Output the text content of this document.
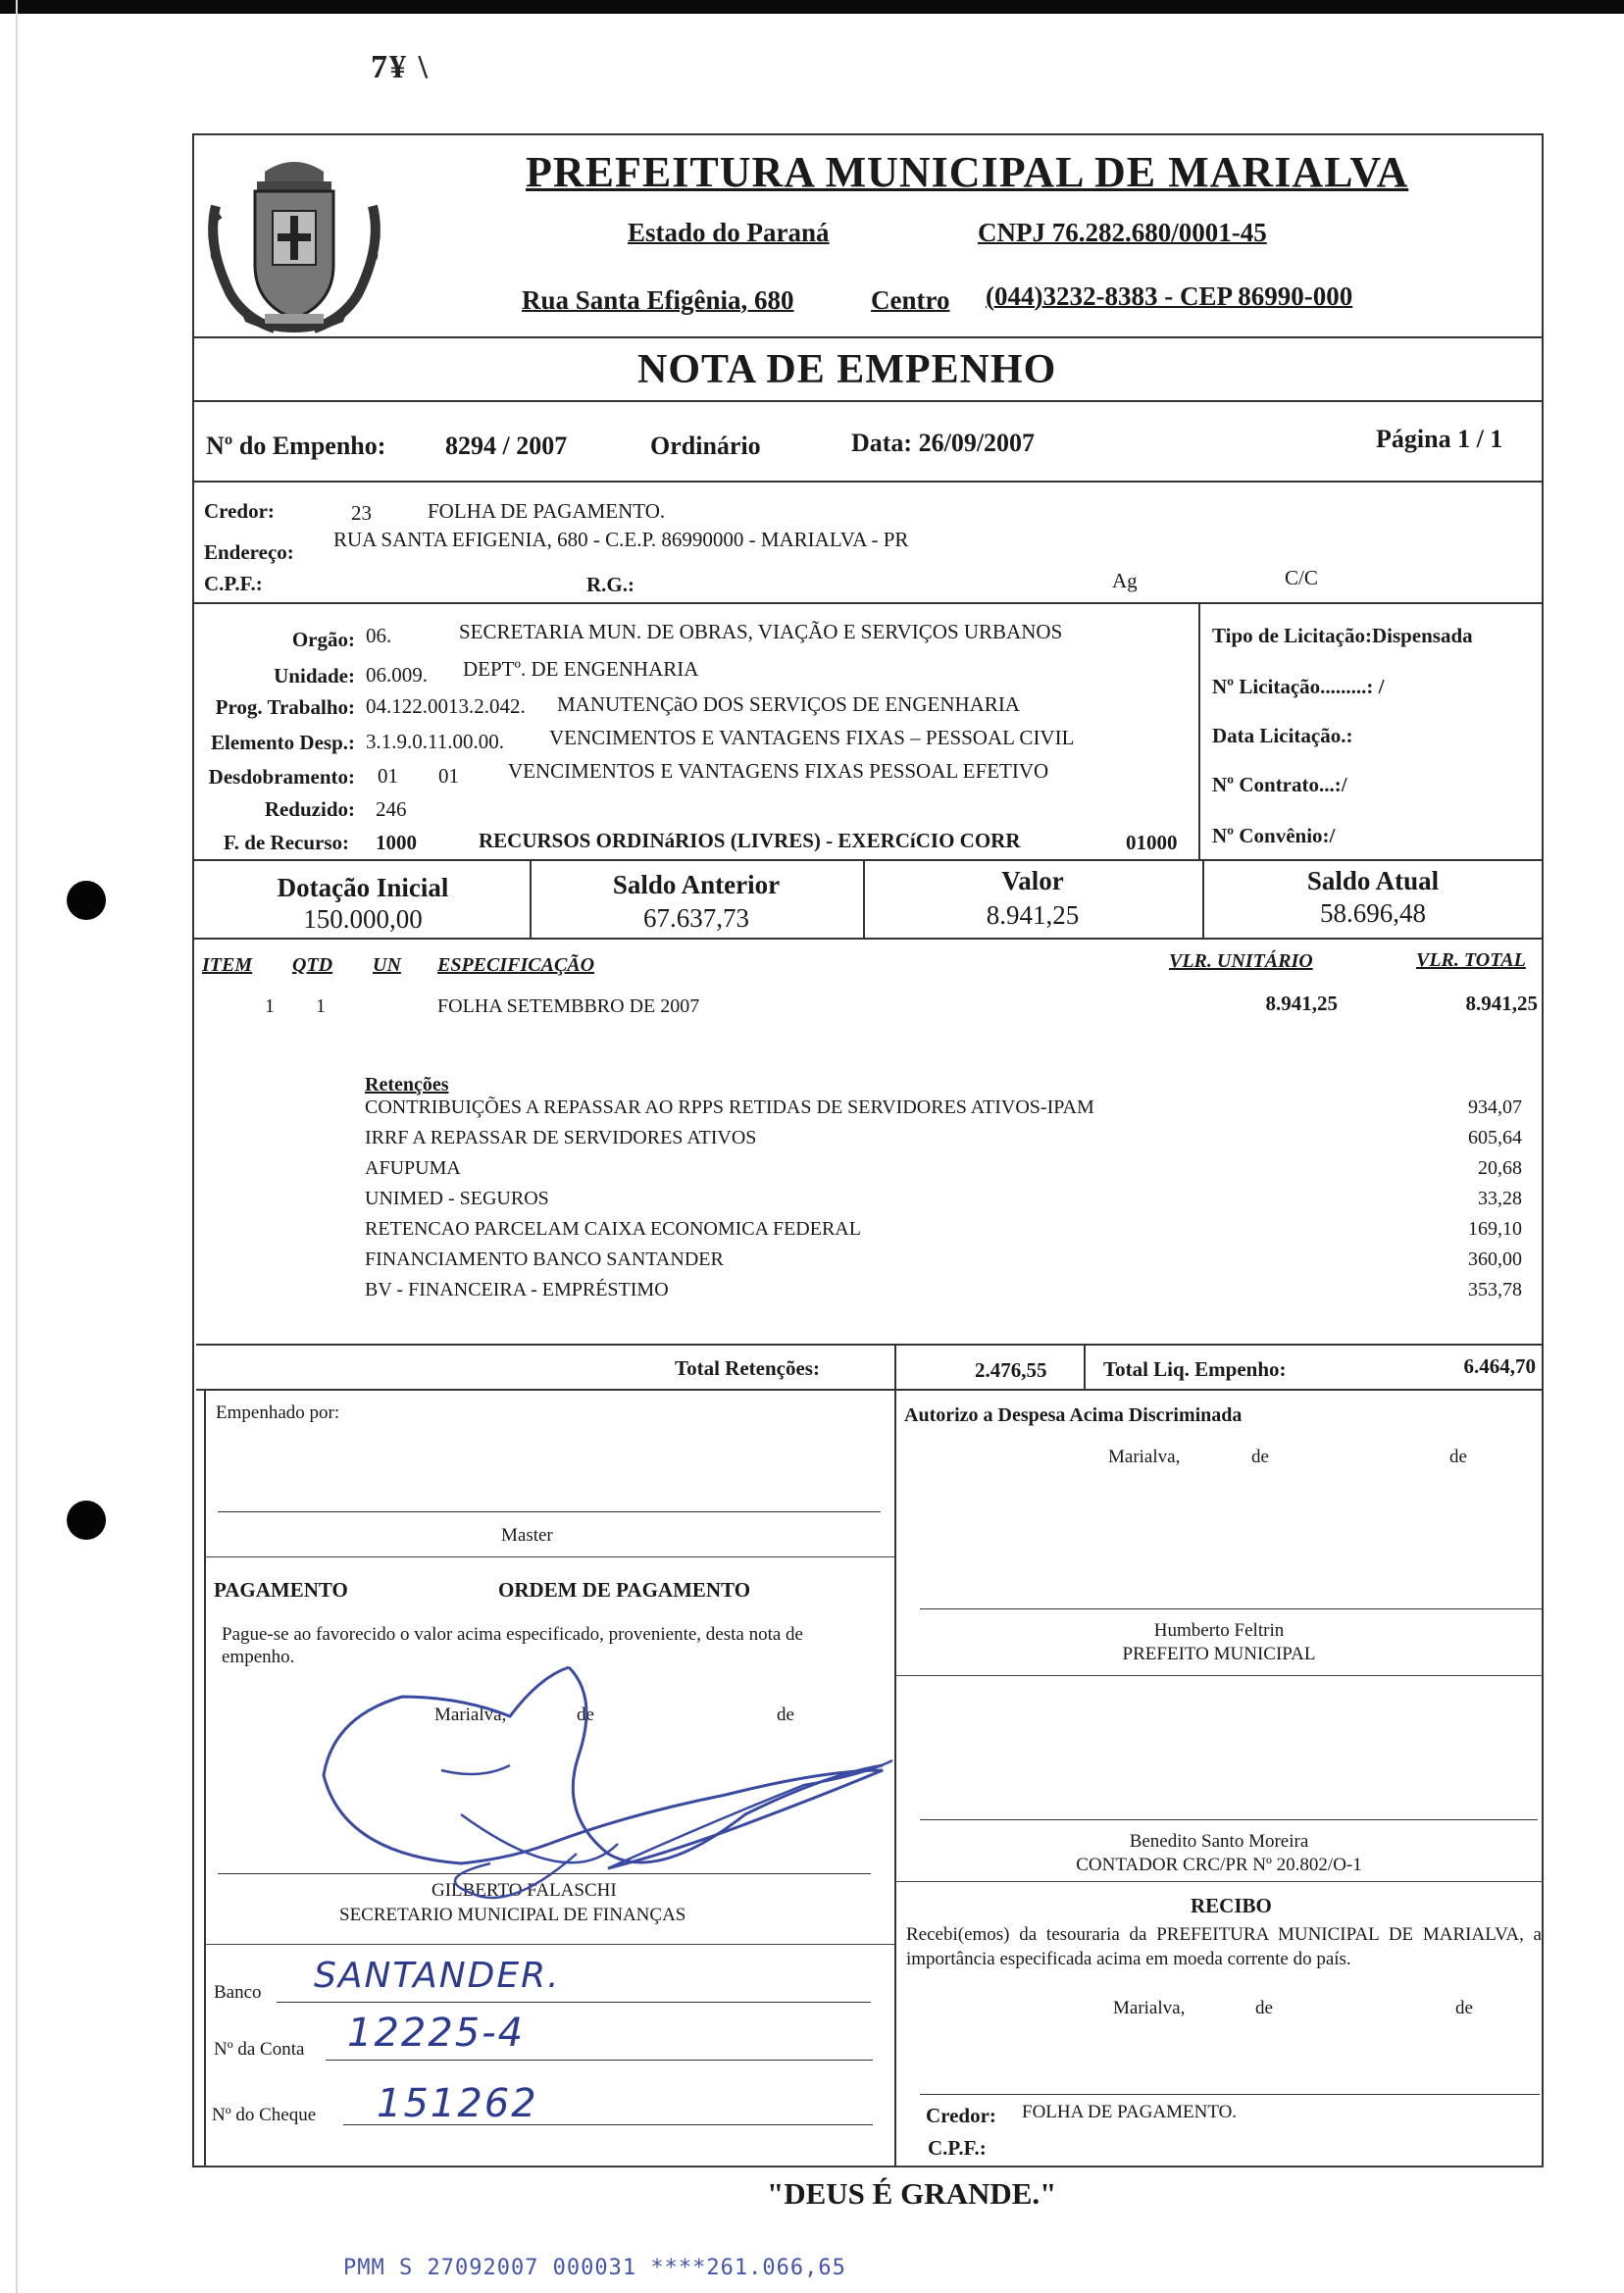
7¥ \
PREFEITURA MUNICIPAL DE MARIALVA
Estado do Paraná	CNPJ 76.282.680/0001-45
Rua Santa Efigênia, 680	Centro (044)3232-8383 - CEP 86990-000
NOTA DE EMPENHO
Nº do Empenho: 8294 / 2007	Ordinário	Data: 26/09/2007	Página 1 / 1
Credor:	23	FOLHA DE PAGAMENTO.
Endereço:
RUA SANTA EFIGENIA, 680 - C.E.P. 86990000 - MARIALVA - PR
C.P.F.:	R.G.:	Ag	C/C
Orgão: 06.	SECRETARIA MUN. DE OBRAS, VIAÇÃO E SERVIÇOS URBANOS
Unidade: 06.009. DEPTº. DE ENGENHARIA
Prog. Trabalho: 04.122.0013.2.042. MANUTENÇãO DOS SERVIÇOS DE ENGENHARIA
Elemento Desp.: 3.1.9.0.11.00.00. VENCIMENTOS E VANTAGENS FIXAS – PESSOAL CIVIL
Desdobramento: 01 01 VENCIMENTOS E VANTAGENS FIXAS PESSOAL EFETIVO
Reduzido: 246
F. de Recurso: 1000	RECURSOS ORDINáRIOS (LIVRES) - EXERCíCIO CORR	01000
Tipo de Licitação:Dispensada
Nº Licitação.........: /
Data Licitação.:
Nº Contrato...:/
Nº Convênio:/
Dotação Inicial
150.000,00
Saldo Anterior
67.637,73
Valor
8.941,25
Saldo Atual
58.696,48
ITEM QTD UN ESPECIFICAÇÃO	VLR. UNITÁRIO	VLR. TOTAL
1 1	FOLHA SETEMBBRO DE 2007	8.941,25	8.941,25
Retenções
CONTRIBUIÇÕES A REPASSAR AO RPPS RETIDAS DE SERVIDORES ATIVOS-IPAM	934,07
IRRF A REPASSAR DE SERVIDORES ATIVOS	605,64
AFUPUMA	20,68
UNIMED - SEGUROS	33,28
RETENCAO PARCELAM CAIXA ECONOMICA FEDERAL	169,10
FINANCIAMENTO BANCO SANTANDER	360,00
BV - FINANCEIRA - EMPRÉSTIMO	353,78
Total Retenções:	2.476,55	Total Liq. Empenho:	6.464,70
Empenhado por:
Master
Autorizo a Despesa Acima Discriminada
Marialva,	de	de
Humberto Feltrin
PREFEITO MUNICIPAL
PAGAMENTO	ORDEM DE PAGAMENTO
Pague-se ao favorecido o valor acima especificado, proveniente, desta nota de empenho.
Marialva,	de	de
GILBERTO FALASCHI
SECRETARIO MUNICIPAL DE FINANÇAS
Benedito Santo Moreira
CONTADOR CRC/PR Nº 20.802/O-1
RECIBO
Recebi(emos) da tesouraria da PREFEITURA MUNICIPAL DE MARIALVA, a importância especificada acima em moeda corrente do país.
Marialva,	de	de
Credor: FOLHA DE PAGAMENTO.
C.P.F.:
Banco SANTANDER.
Nº da Conta 12225-4
Nº do Cheque 151262
"DEUS É GRANDE."
PMM S 27092007 000031 ****261.066,65
